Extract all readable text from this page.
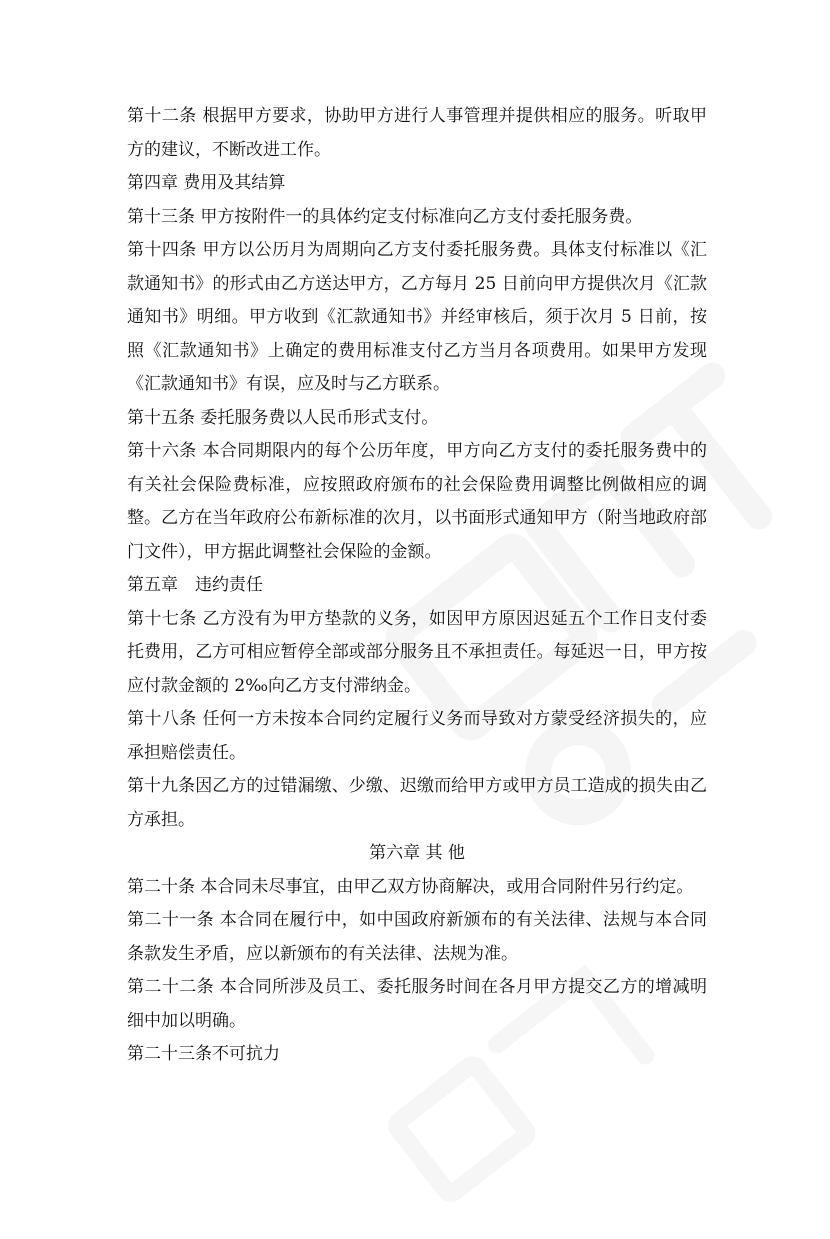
第十二条 根据甲方要求，协助甲方进行人事管理并提供相应的服务。听取甲方的建议，不断改进工作。

第四章 费用及其结算

第十三条 甲方按附件一的具体约定支付标准向乙方支付委托服务费。

第十四条 甲方以公历月为周期向乙方支付委托服务费。具体支付标准以《汇款通知书》的形式由乙方送达甲方，乙方每月 25 日前向甲方提供次月《汇款通知书》明细。甲方收到《汇款通知书》并经审核后，须于次月 5 日前，按照《汇款通知书》上确定的费用标准支付乙方当月各项费用。如果甲方发现《汇款通知书》有误，应及时与乙方联系。

第十五条 委托服务费以人民币形式支付。

第十六条 本合同期限内的每个公历年度，甲方向乙方支付的委托服务费中的有关社会保险费标准，应按照政府颁布的社会保险费用调整比例做相应的调整。乙方在当年政府公布新标准的次月，以书面形式通知甲方（附当地政府部门文件），甲方据此调整社会保险的金额。

第五章　违约责任

第十七条 乙方没有为甲方垫款的义务，如因甲方原因迟延五个工作日支付委托费用，乙方可相应暂停全部或部分服务且不承担责任。每延迟一日，甲方按应付款金额的 2‰向乙方支付滞纳金。

第十八条 任何一方未按本合同约定履行义务而导致对方蒙受经济损失的，应承担赔偿责任。

第十九条因乙方的过错漏缴、少缴、迟缴而给甲方或甲方员工造成的损失由乙方承担。

第六章 其 他

第二十条 本合同未尽事宜，由甲乙双方协商解决，或用合同附件另行约定。

第二十一条 本合同在履行中，如中国政府新颁布的有关法律、法规与本合同条款发生矛盾，应以新颁布的有关法律、法规为准。

第二十二条 本合同所涉及员工、委托服务时间在各月甲方提交乙方的增减明细中加以明确。

第二十三条不可抗力
